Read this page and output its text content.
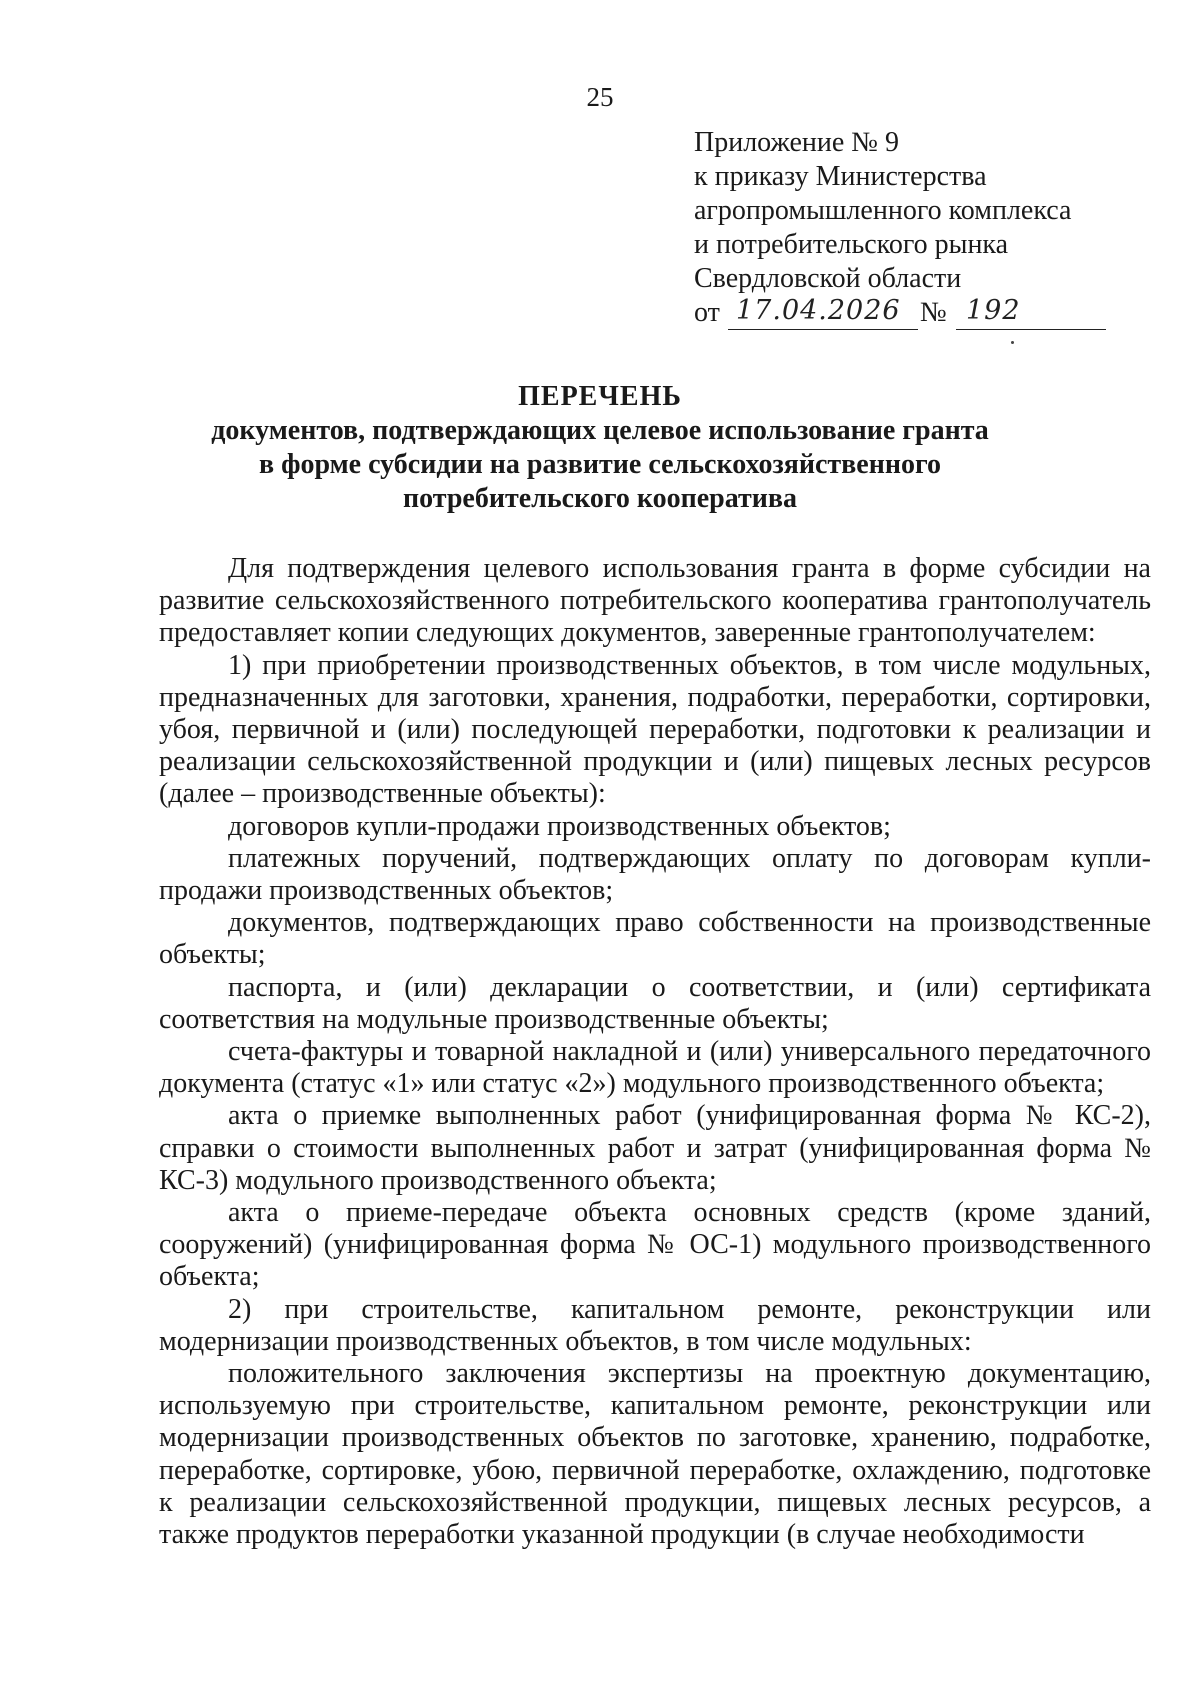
25
Приложение № 9
к приказу Министерства
агропромышленного комплекса
и потребительского рынка
Свердловской области
от 17.04.2026 № 192
ПЕРЕЧЕНЬ
документов, подтверждающих целевое использование гранта
в форме субсидии на развитие сельскохозяйственного
потребительского кооператива

Для подтверждения целевого использования гранта в форме субсидии на развитие сельскохозяйственного потребительского кооператива грантополучатель предоставляет копии следующих документов, заверенные грантополучателем:

1) при приобретении производственных объектов, в том числе модульных, предназначенных для заготовки, хранения, подработки, переработки, сортировки, убоя, первичной и (или) последующей переработки, подготовки к реализации и реализации сельскохозяйственной продукции и (или) пищевых лесных ресурсов (далее – производственные объекты):

договоров купли-продажи производственных объектов;

платежных поручений, подтверждающих оплату по договорам купли-продажи производственных объектов;

документов, подтверждающих право собственности на производственные объекты;

паспорта, и (или) декларации о соответствии, и (или) сертификата соответствия на модульные производственные объекты;

счета-фактуры и товарной накладной и (или) универсального передаточного документа (статус «1» или статус «2») модульного производственного объекта;

акта о приемке выполненных работ (унифицированная форма № КС-2), справки о стоимости выполненных работ и затрат (унифицированная форма № КС-3) модульного производственного объекта;

акта о приеме-передаче объекта основных средств (кроме зданий, сооружений) (унифицированная форма № ОС-1) модульного производственного объекта;

2) при строительстве, капитальном ремонте, реконструкции или модернизации производственных объектов, в том числе модульных:

положительного заключения экспертизы на проектную документацию, используемую при строительстве, капитальном ремонте, реконструкции или модернизации производственных объектов по заготовке, хранению, подработке, переработке, сортировке, убою, первичной переработке, охлаждению, подготовке к реализации сельскохозяйственной продукции, пищевых лесных ресурсов, а также продуктов переработки указанной продукции (в случае необходимости
